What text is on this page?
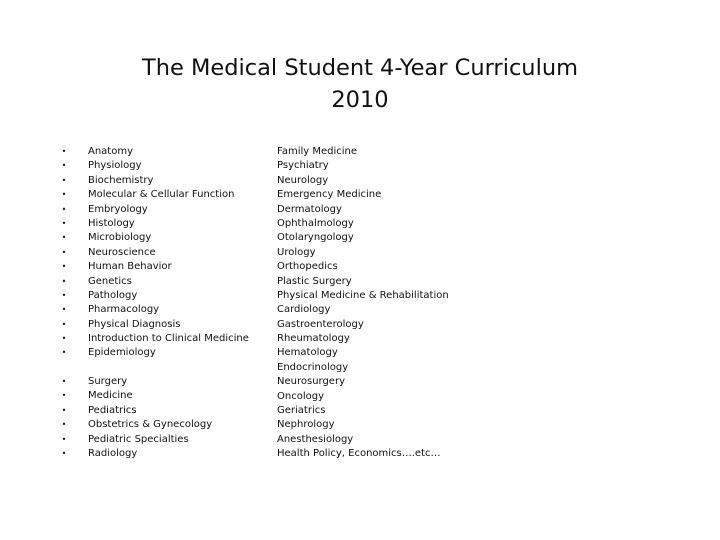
The Medical Student 4-Year Curriculum
2010
• Anatomy
• Physiology
• Biochemistry
• Molecular & Cellular Function
• Embryology
• Histology
• Microbiology
• Neuroscience
• Human Behavior
• Genetics
• Pathology
• Pharmacology
• Physical Diagnosis
• Introduction to Clinical Medicine
• Epidemiology
• Surgery
• Medicine
• Pediatrics
• Obstetrics & Gynecology
• Pediatric Specialties
• Radiology
Family Medicine
Psychiatry
Neurology
Emergency Medicine
Dermatology
Ophthalmology
Otolaryngology
Urology
Orthopedics
Plastic Surgery
Physical Medicine & Rehabilitation
Cardiology
Gastroenterology
Rheumatology
Hematology
Endocrinology
Neurosurgery
Oncology
Geriatrics
Nephrology
Anesthesiology
Health Policy, Economics….etc…
